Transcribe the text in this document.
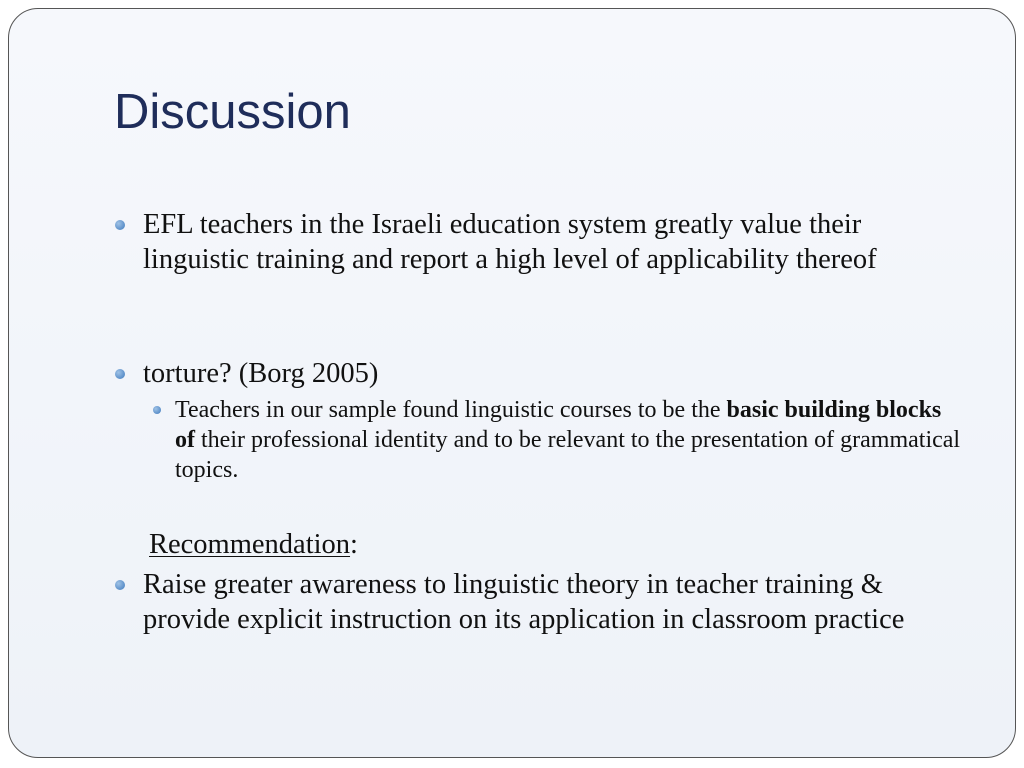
Discussion
EFL teachers in the Israeli education system greatly value their linguistic training and report a high level of applicability thereof
torture? (Borg 2005)
Teachers in our sample found linguistic courses to be the basic building blocks of their professional identity and to be relevant to the presentation of grammatical topics.
Recommendation:
Raise greater awareness to linguistic theory in teacher training & provide explicit instruction on its application in classroom practice
